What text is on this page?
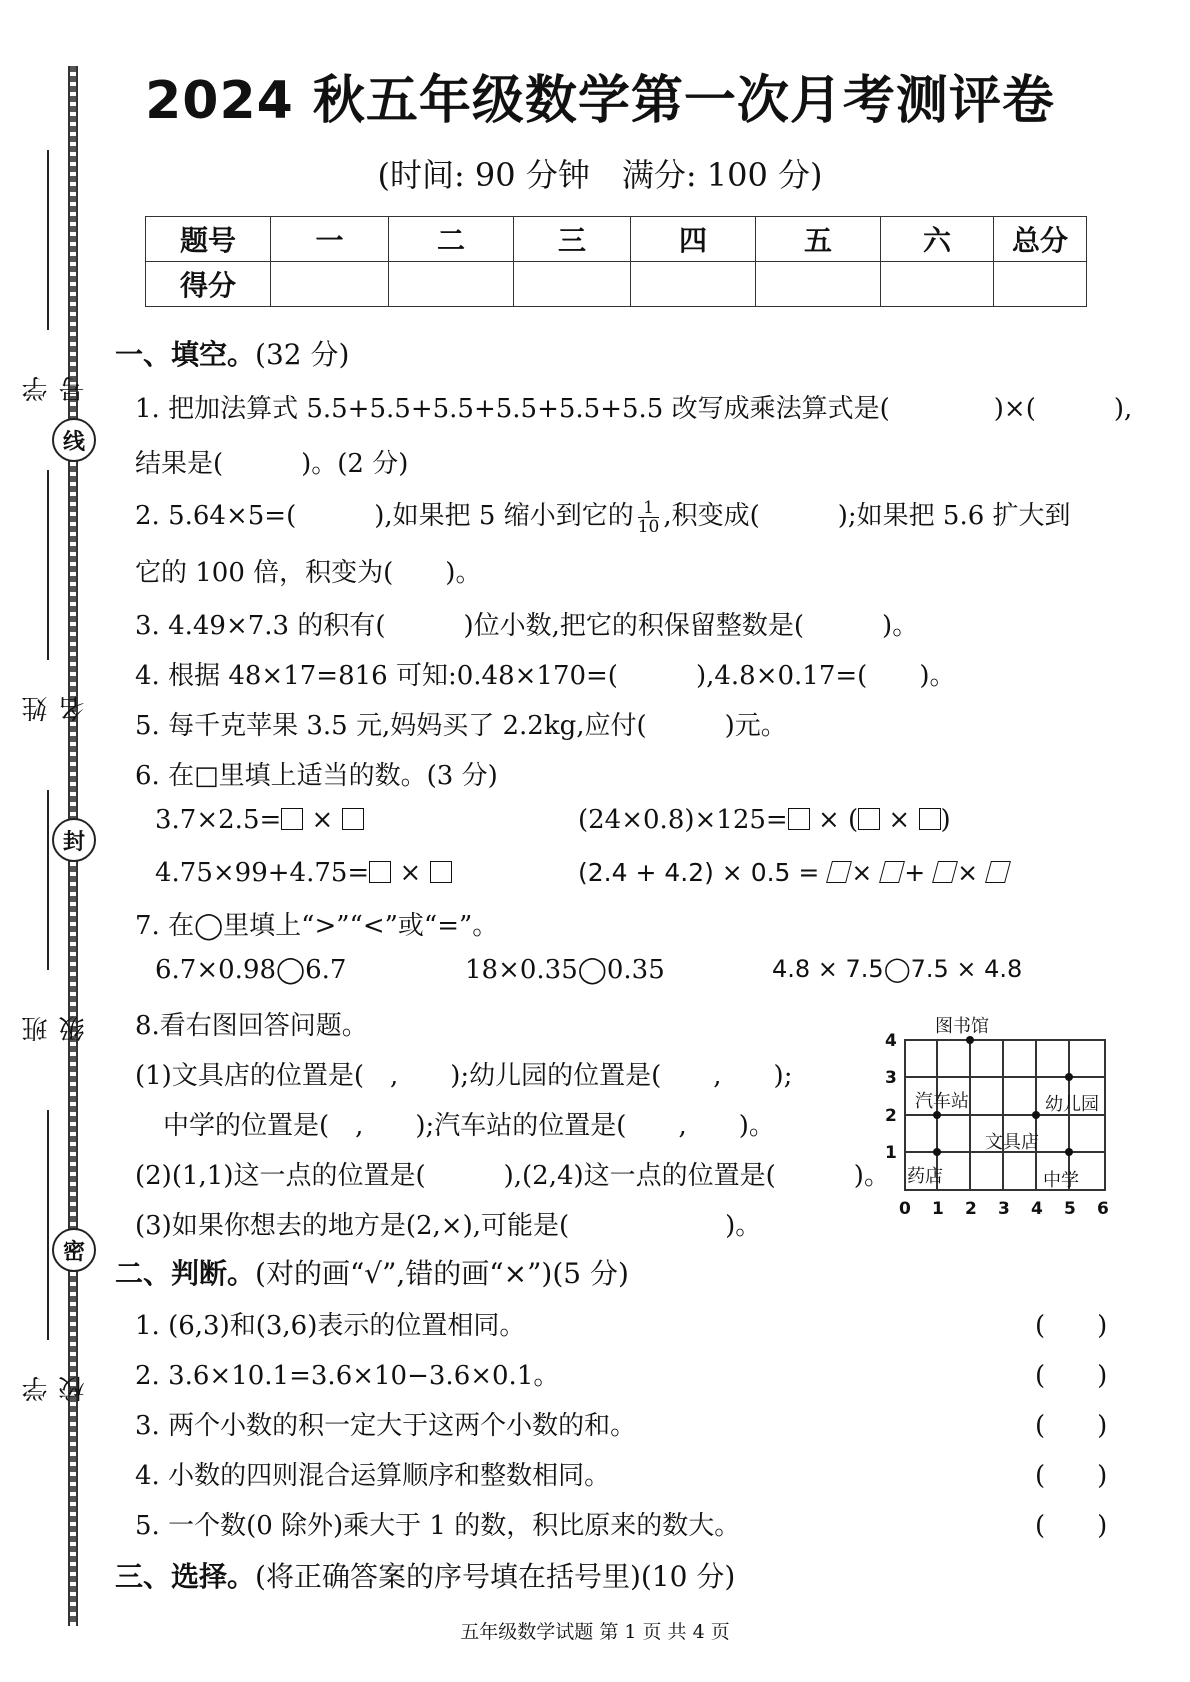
学 号
姓 名
班 级
学 校
线
封
密
2024 秋五年级数学第一次月考测评卷
(时间: 90 分钟　满分: 100 分)
题号	一	二	三	四	五	六	总分
得分							
一、填空。(32 分)
1. 把加法算式 5.5+5.5+5.5+5.5+5.5+5.5 改写成乘法算式是(　　　　)×(　　　),
结果是(　　　)。(2 分)
2. 5.64×5=(　　　),如果把 5 缩小到它的 $\frac{1}{10}$ ,积变成(　　　);如果把 5.6 扩大到
它的 100 倍，积变为(　　)。
3. 4.49×7.3 的积有(　　　)位小数,把它的积保留整数是(　　　)。
4. 根据 48×17=816 可知:0.48×170=(　　　),4.8×0.17=(　　)。
5. 每千克苹果 3.5 元,妈妈买了 2.2kg,应付(　　　)元。
6. 在□里填上适当的数。(3 分)
3.7×2.5= ×	(24×0.8)×125= × ( × )
4.75×99+4.75= ×	(2.4 + 4.2) × 0.5 = × + ×
7. 在◯里填上“>”“<”或“=”。
6.7×0.98◯6.7	18×0.35◯0.35	4.8 × 7.5◯7.5 × 4.8
8.看右图回答问题。
(1)文具店的位置是(　,　　);幼儿园的位置是(　　,　　);
中学的位置是(　,　　);汽车站的位置是(　　,　　)。
(2)(1,1)这一点的位置是(　　　),(2,4)这一点的位置是(　　　)。
(3)如果你想去的地方是(2,×),可能是(　　　　　　)。
图书馆
汽车站	幼儿园
文具店
药店	中学
1
2
3
4
0 1 2 3 4 5 6
二、判断。(对的画“√”,错的画“×”)(5 分)
1. (6,3)和(3,6)表示的位置相同。	(　　)
2. 3.6×10.1=3.6×10−3.6×0.1。	(　　)
3. 两个小数的积一定大于这两个小数的和。	(　　)
4. 小数的四则混合运算顺序和整数相同。	(　　)
5. 一个数(0 除外)乘大于 1 的数，积比原来的数大。	(　　)
三、选择。(将正确答案的序号填在括号里)(10 分)
五年级数学试题 第 1 页 共 4 页
